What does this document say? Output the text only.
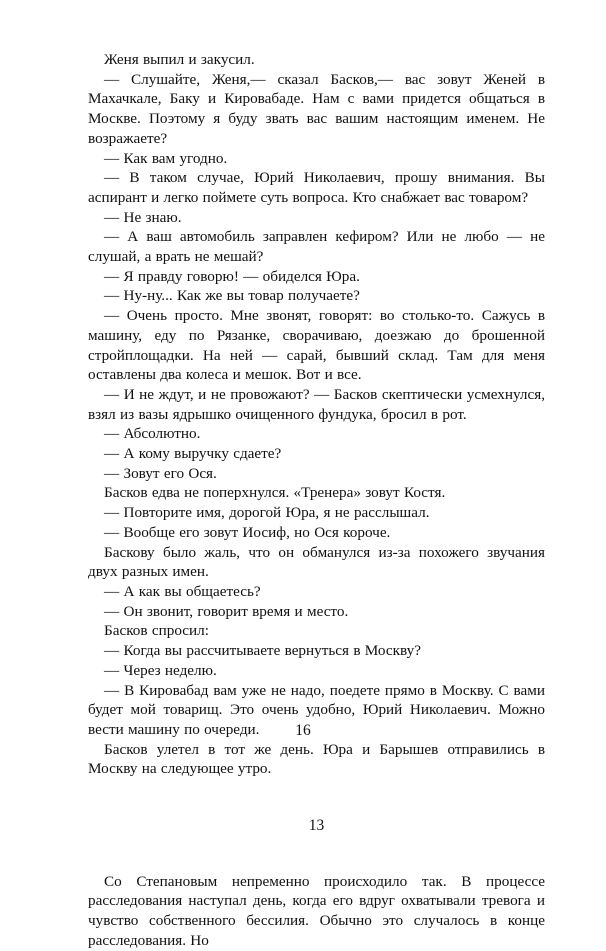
Женя выпил и закусил.

— Слушайте, Женя,— сказал Басков,— вас зовут Женей в Махачкале, Баку и Кировабаде. Нам с вами придется общаться в Москве. Поэтому я буду звать вас вашим настоящим именем. Не возражаете?

— Как вам угодно.

— В таком случае, Юрий Николаевич, прошу внимания. Вы аспирант и легко поймете суть вопроса. Кто снабжает вас товаром?

— Не знаю.

— А ваш автомобиль заправлен кефиром? Или не любо — не слушай, а врать не мешай?

— Я правду говорю! — обиделся Юра.

— Ну-ну... Как же вы товар получаете?

— Очень просто. Мне звонят, говорят: во столько-то. Сажусь в машину, еду по Рязанке, сворачиваю, доезжаю до брошенной стройплощадки. На ней — сарай, бывший склад. Там для меня оставлены два колеса и мешок. Вот и все.

— И не ждут, и не провожают? — Басков скептически усмехнулся, взял из вазы ядрышко очищенного фундука, бросил в рот.

— Абсолютно.

— А кому выручку сдаете?

— Зовут его Ося.

Басков едва не поперхнулся. «Тренера» зовут Костя.

— Повторите имя, дорогой Юра, я не расслышал.

— Вообще его зовут Иосиф, но Ося короче.

Баскову было жаль, что он обманулся из-за похожего звучания двух разных имен.

— А как вы общаетесь?

— Он звонит, говорит время и место.

Басков спросил:

— Когда вы рассчитываете вернуться в Москву?

— Через неделю.

— В Кировабад вам уже не надо, поедете прямо в Москву. С вами будет мой товарищ. Это очень удобно, Юрий Николаевич. Можно вести машину по очереди.

Басков улетел в тот же день. Юра и Барышев отправились в Москву на следующее утро.

13

Со Степановым непременно происходило так. В процессе расследования наступал день, когда его вдруг охватывали тревога и чувство собственного бессилия. Обычно это случалось в конце расследования. Но

16
